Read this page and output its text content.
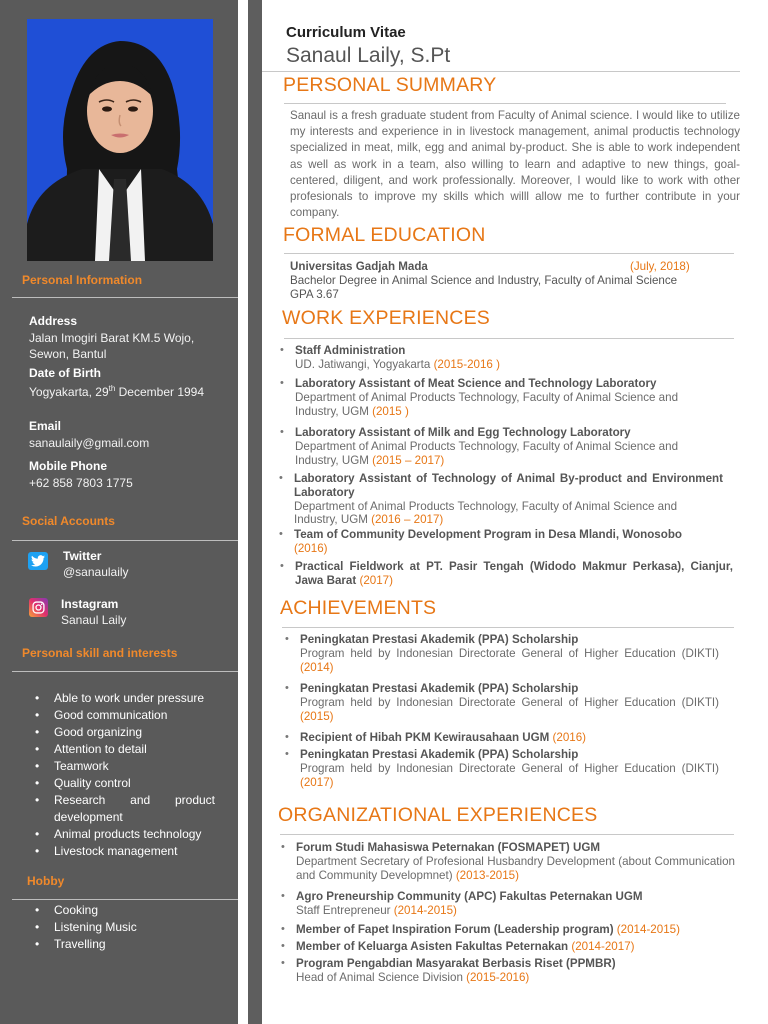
Personal Information
Address
Jalan Imogiri Barat KM.5 Wojo, Sewon, Bantul
Date of Birth
Yogyakarta, 29th December 1994
Email
sanaulaily@gmail.com
Mobile Phone
+62 858 7803 1775
Social Accounts
Twitter
@sanaulaily
Instagram
Sanaul Laily
Personal skill and interests
• Able to work under pressure
• Good communication
• Good organizing
• Attention to detail
• Teamwork
• Quality control
• Research and product development
• Animal products technology
• Livestock management
Hobby
• Cooking
• Listening Music
• Travelling
Curriculum Vitae
Sanaul Laily, S.Pt
PERSONAL SUMMARY
Sanaul is a fresh graduate student from Faculty of Animal science. I would like to utilize my interests and experience in in livestock management, animal productis technology specialized in meat, milk, egg and animal by-product. She is able to work independent as well as work in a team, also willing to learn and adaptive to new things, goal-centered, diligent, and work professionally. Moreover, I would like to work with other profesionals to improve my skills which willl allow me to further contribute in your company.
FORMAL EDUCATION
Universitas Gadjah Mada	(July, 2018)
Bachelor Degree in Animal Science and Industry, Faculty of Animal Science
GPA 3.67
WORK EXPERIENCES
• Staff Administration
UD. Jatiwangi, Yogyakarta (2015-2016 )
• Laboratory Assistant of Meat Science and Technology Laboratory
Department of Animal Products Technology, Faculty of Animal Science and Industry, UGM (2015 )
• Laboratory Assistant of Milk and Egg Technology Laboratory
Department of Animal Products Technology, Faculty of Animal Science and Industry, UGM (2015 – 2017)
• Laboratory Assistant of Technology of Animal By-product and Environment Laboratory
Department of Animal Products Technology, Faculty of Animal Science and Industry, UGM (2016 – 2017)
• Team of Community Development Program in Desa Mlandi, Wonosobo
(2016)
• Practical Fieldwork at PT. Pasir Tengah (Widodo Makmur Perkasa), Cianjur, Jawa Barat (2017)
ACHIEVEMENTS
• Peningkatan Prestasi Akademik (PPA) Scholarship
Program held by Indonesian Directorate General of Higher Education (DIKTI) (2014)
• Peningkatan Prestasi Akademik (PPA) Scholarship
Program held by Indonesian Directorate General of Higher Education (DIKTI) (2015)
• Recipient of Hibah PKM Kewirausahaan UGM (2016)
• Peningkatan Prestasi Akademik (PPA) Scholarship
Program held by Indonesian Directorate General of Higher Education (DIKTI) (2017)
ORGANIZATIONAL EXPERIENCES
• Forum Studi Mahasiswa Peternakan (FOSMAPET) UGM
Department Secretary of Profesional Husbandry Development (about Communication and Community Developmnet) (2013-2015)
• Agro Preneurship Community (APC) Fakultas Peternakan UGM
Staff Entrepreneur (2014-2015)
• Member of Fapet Inspiration Forum (Leadership program) (2014-2015)
• Member of Keluarga Asisten Fakultas Peternakan (2014-2017)
• Program Pengabdian Masyarakat Berbasis Riset (PPMBR)
Head of Animal Science Division (2015-2016)
